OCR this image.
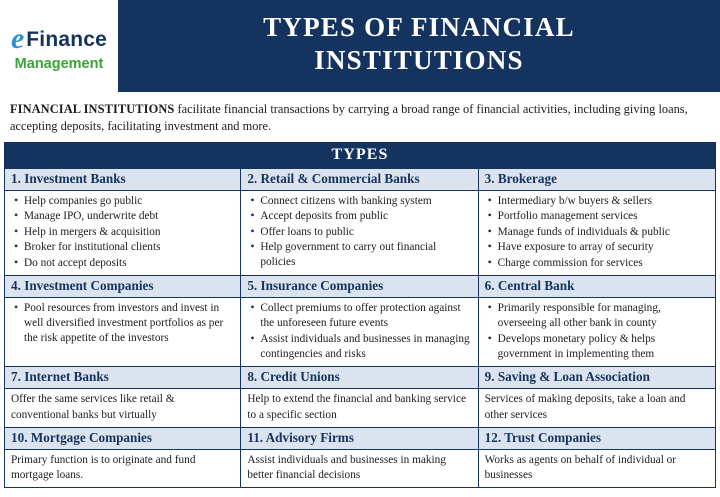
e Finance
Management
TYPES OF FINANCIAL
INSTITUTIONS
FINANCIAL INSTITUTIONS facilitate financial transactions by carrying a broad range of financial activities, including giving loans, accepting deposits, facilitating investment and more.
TYPES
1. Investment Banks
• Help companies go public
• Manage IPO, underwrite debt
• Help in mergers & acquisition
• Broker for institutional clients
• Do not accept deposits
2. Retail & Commercial Banks
• Connect citizens with banking system
• Accept deposits from public
• Offer loans to public
• Help government to carry out financial policies
3. Brokerage
• Intermediary b/w buyers & sellers
• Portfolio management services
• Manage funds of individuals & public
• Have exposure to array of security
• Charge commission for services
4. Investment Companies
• Pool resources from investors and invest in well diversified investment portfolios as per the risk appetite of the investors
5. Insurance Companies
• Collect premiums to offer protection against the unforeseen future events
• Assist individuals and businesses in managing contingencies and risks
6. Central Bank
• Primarily responsible for managing, overseeing all other bank in county
• Develops monetary policy & helps government in implementing them
7. Internet Banks
Offer the same services like retail & conventional banks but virtually
8. Credit Unions
Help to extend the financial and banking service to a specific section
9. Saving & Loan Association
Services of making deposits, take a loan and other services
10. Mortgage Companies
Primary function is to originate and fund mortgage loans.
11. Advisory Firms
Assist individuals and businesses in making better financial decisions
12. Trust Companies
Works as agents on behalf of individual or businesses
